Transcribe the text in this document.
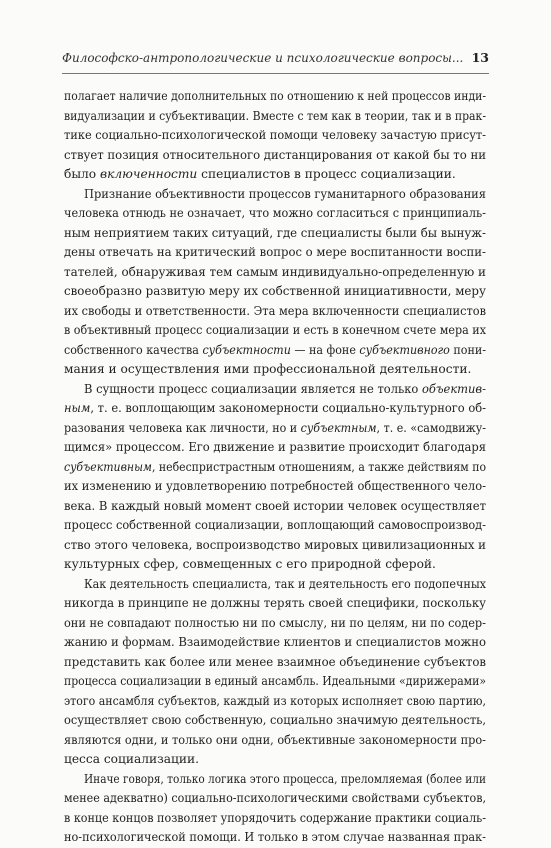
Философско-антропологические и психологические вопросы... 13
полагает наличие дополнительных по отношению к ней процессов инди-
видуализации и субъективации. Вместе с тем как в теории, так и в прак-
тике социально-психологической помощи человеку зачастую присут-
ствует позиция относительного дистанцирования от какой бы то ни
было включенности специалистов в процесс социализации.
Признание объективности процессов гуманитарного образования
человека отнюдь не означает, что можно согласиться с принципиаль-
ным неприятием таких ситуаций, где специалисты были бы вынуж-
дены отвечать на критический вопрос о мере воспитанности воспи-
тателей, обнаруживая тем самым индивидуально-определенную и
своеобразно развитую меру их собственной инициативности, меру
их свободы и ответственности. Эта мера включенности специалистов
в объективный процесс социализации и есть в конечном счете мера их
собственного качества субъектности — на фоне субъективного пони-
мания и осуществления ими профессиональной деятельности.
В сущности процесс социализации является не только объектив-
ным, т. е. воплощающим закономерности социально-культурного об-
разования человека как личности, но и субъектным, т. е. «самодвижу-
щимся» процессом. Его движение и развитие происходит благодаря
субъективным, небеспристрастным отношениям, а также действиям по
их изменению и удовлетворению потребностей общественного чело-
века. В каждый новый момент своей истории человек осуществляет
процесс собственной социализации, воплощающий самовоспроизвод-
ство этого человека, воспроизводство мировых цивилизационных и
культурных сфер, совмещенных с его природной сферой.
Как деятельность специалиста, так и деятельность его подопечных
никогда в принципе не должны терять своей специфики, поскольку
они не совпадают полностью ни по смыслу, ни по целям, ни по содер-
жанию и формам. Взаимодействие клиентов и специалистов можно
представить как более или менее взаимное объединение субъектов
процесса социализации в единый ансамбль. Идеальными «дирижерами»
этого ансамбля субъектов, каждый из которых исполняет свою партию,
осуществляет свою собственную, социально значимую деятельность,
являются одни, и только они одни, объективные закономерности про-
цесса социализации.
Иначе говоря, только логика этого процесса, преломляемая (более или
менее адекватно) социально-психологическими свойствами субъектов,
в конце концов позволяет упорядочить содержание практики социаль-
но-психологической помощи. И только в этом случае названная прак-
